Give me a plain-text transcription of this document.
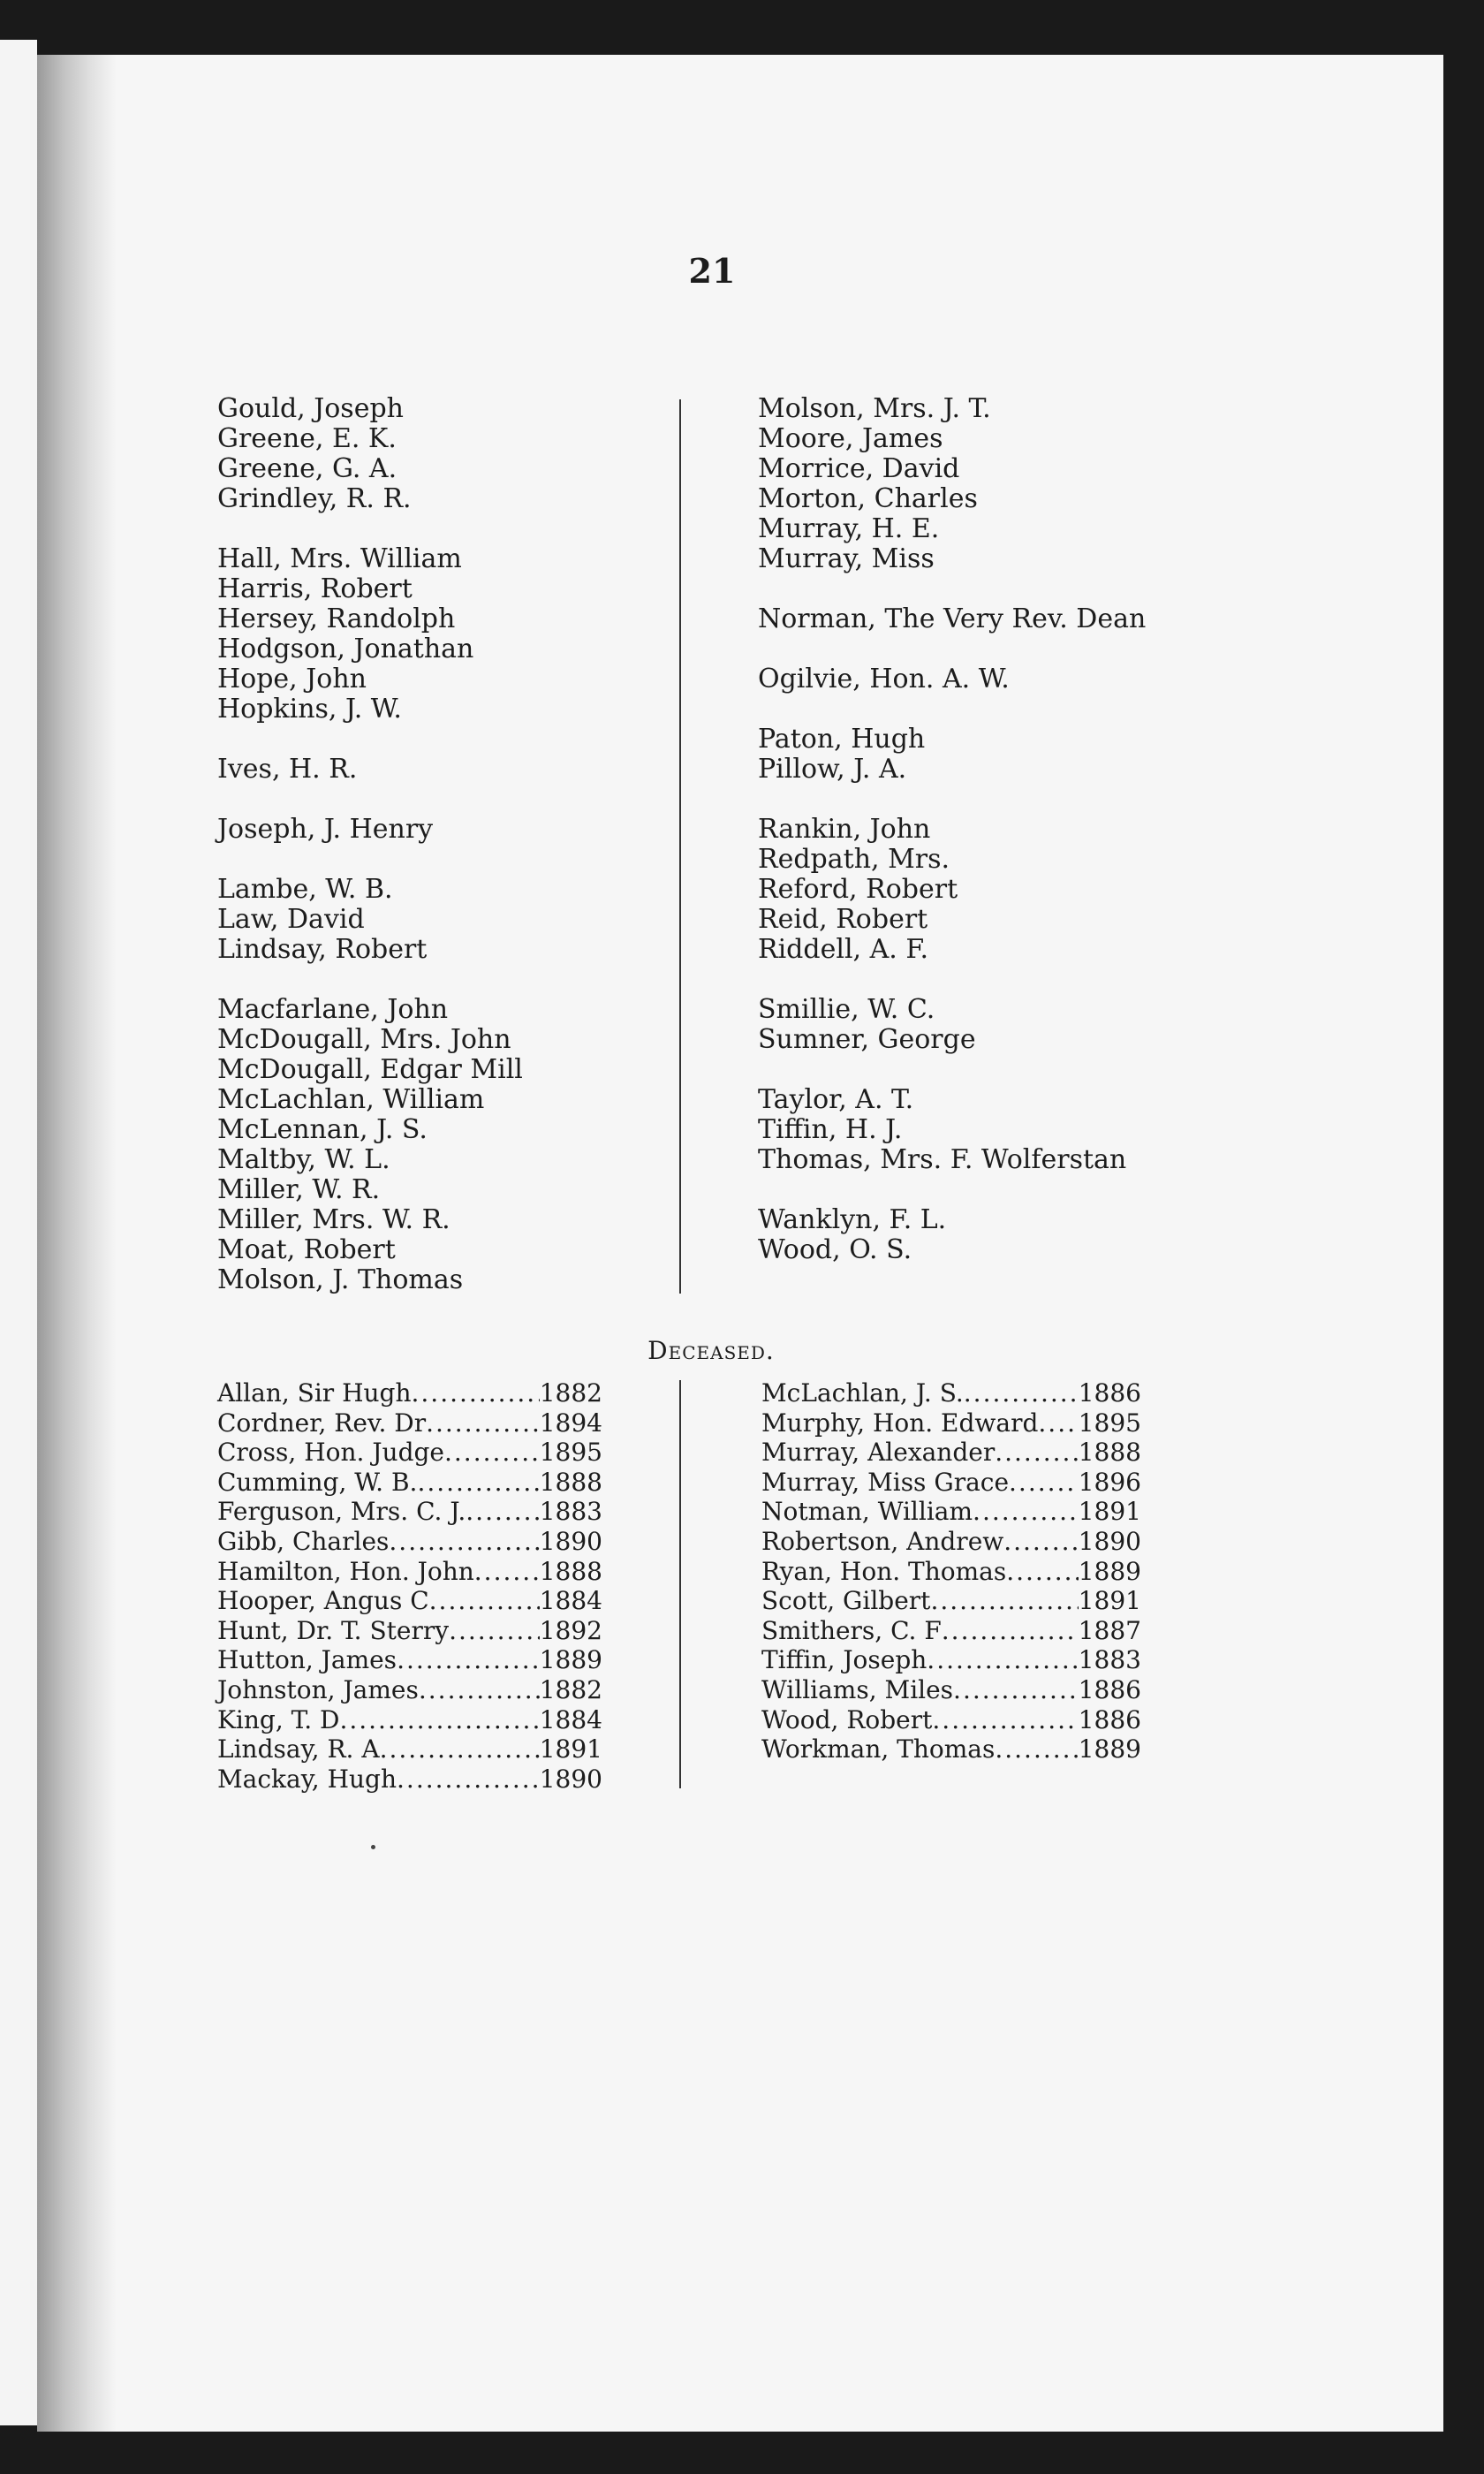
21
Gould, Joseph
Greene, E. K.
Greene, G. A.
Grindley, R. R.
Hall, Mrs. William
Harris, Robert
Hersey, Randolph
Hodgson, Jonathan
Hope, John
Hopkins, J. W.
Ives, H. R.
Joseph, J. Henry
Lambe, W. B.
Law, David
Lindsay, Robert
Macfarlane, John
McDougall, Mrs. John
McDougall, Edgar Mill
McLachlan, William
McLennan, J. S.
Maltby, W. L.
Miller, W. R.
Miller, Mrs. W. R.
Moat, Robert
Molson, J. Thomas
Molson, Mrs. J. T.
Moore, James
Morrice, David
Morton, Charles
Murray, H. E.
Murray, Miss
Norman, The Very Rev. Dean
Ogilvie, Hon. A. W.
Paton, Hugh
Pillow, J. A.
Rankin, John
Redpath, Mrs.
Reford, Robert
Reid, Robert
Riddell, A. F.
Smillie, W. C.
Sumner, George
Taylor, A. T.
Tiffin, H. J.
Thomas, Mrs. F. Wolferstan
Wanklyn, F. L.
Wood, O. S.
Deceased.
Allan, Sir Hugh .....	1882
Cordner, Rev. Dr .....	1894
Cross, Hon. Judge .....	1895
Cumming, W. B. .....	1888
Ferguson, Mrs. C. J. .....	1883
Gibb, Charles .....	1890
Hamilton, Hon. John .....	1888
Hooper, Angus C .....	1884
Hunt, Dr. T. Sterry .....	1892
Hutton, James .....	1889
Johnston, James .....	1882
King, T. D .....	1884
Lindsay, R. A .....	1891
Mackay, Hugh .....	1890
McLachlan, J. S. .....	1886
Murphy, Hon. Edward ..... 1895
Murray, Alexander .....	1888
Murray, Miss Grace .....	1896
Notman, William .....	1891
Robertson, Andrew .....	1890
Ryan, Hon. Thomas .....	1889
Scott, Gilbert .....	1891
Smithers, C. F .....	1887
Tiffin, Joseph .....	1883
Williams, Miles .....	1886
Wood, Robert .....	1886
Workman, Thomas .....	1889
